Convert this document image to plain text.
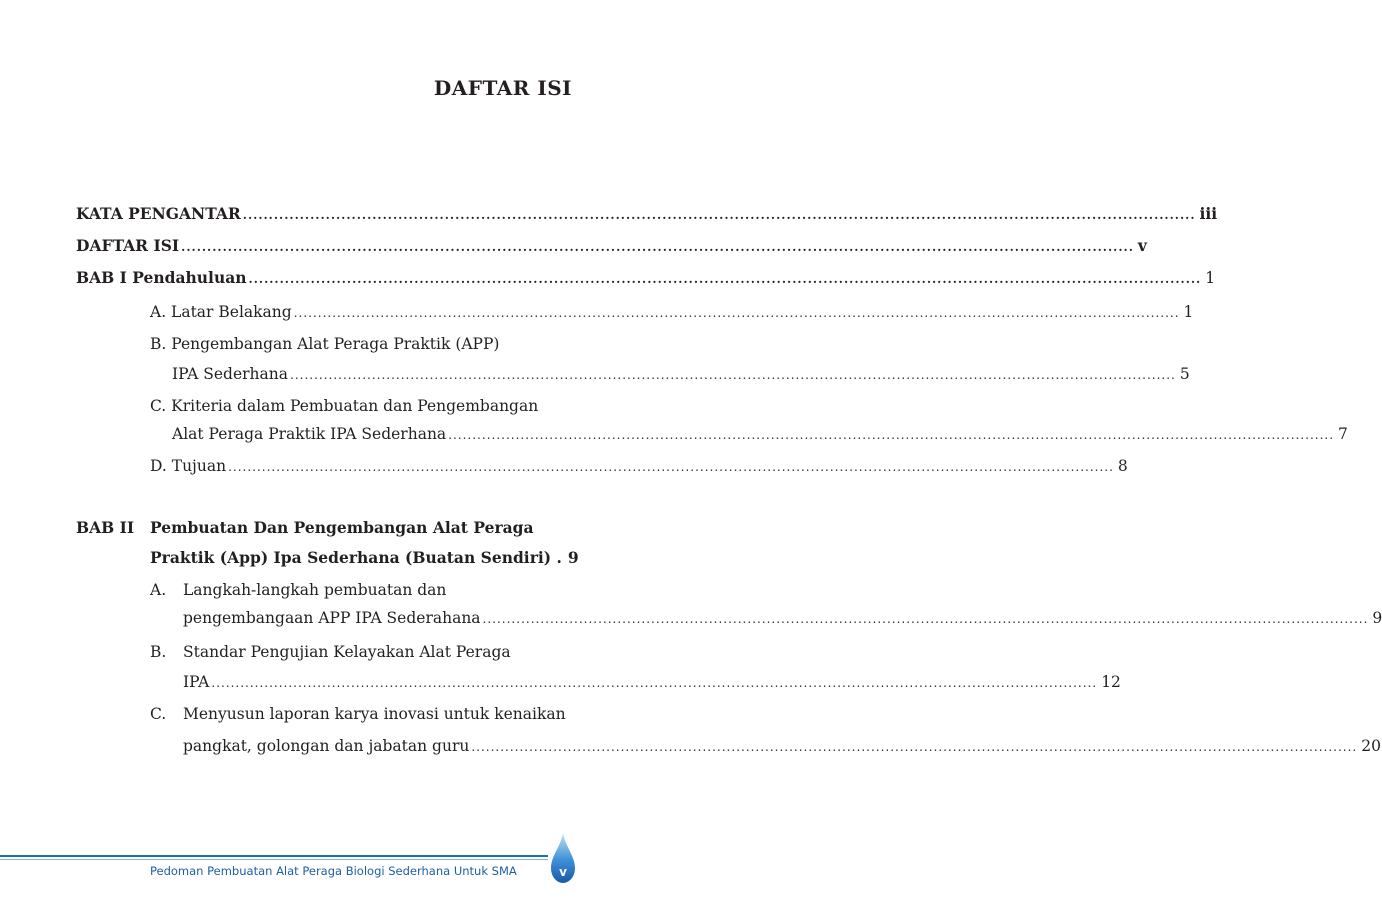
DAFTAR ISI
KATA PENGANTAR ........................................................................................................................................................................................ iii
DAFTAR ISI ........................................................................................................................................................................................ v
BAB I Pendahuluan ........................................................................................................................................................................................ 1
A. Latar Belakang ........................................................................................................................................................................................ 1
B. Pengembangan Alat Peraga Praktik (APP)
IPA Sederhana ........................................................................................................................................................................................ 5
C. Kriteria dalam Pembuatan dan Pengembangan
Alat Peraga Praktik IPA Sederhana ........................................................................................................................................................................................ 7
D. Tujuan ........................................................................................................................................................................................ 8
BAB II Pembuatan Dan Pengembangan Alat Peraga
Praktik (App) Ipa Sederhana (Buatan Sendiri) . 9
A. Langkah-langkah pembuatan dan
pengembangaan APP IPA Sederahana ........................................................................................................................................................................................ 9
B. Standar Pengujian Kelayakan Alat Peraga
IPA ........................................................................................................................................................................................ 12
C. Menyusun laporan karya inovasi untuk kenaikan
pangkat, golongan dan jabatan guru ........................................................................................................................................................................................ 20
Pedoman Pembuatan Alat Peraga Biologi Sederhana Untuk SMA	v
